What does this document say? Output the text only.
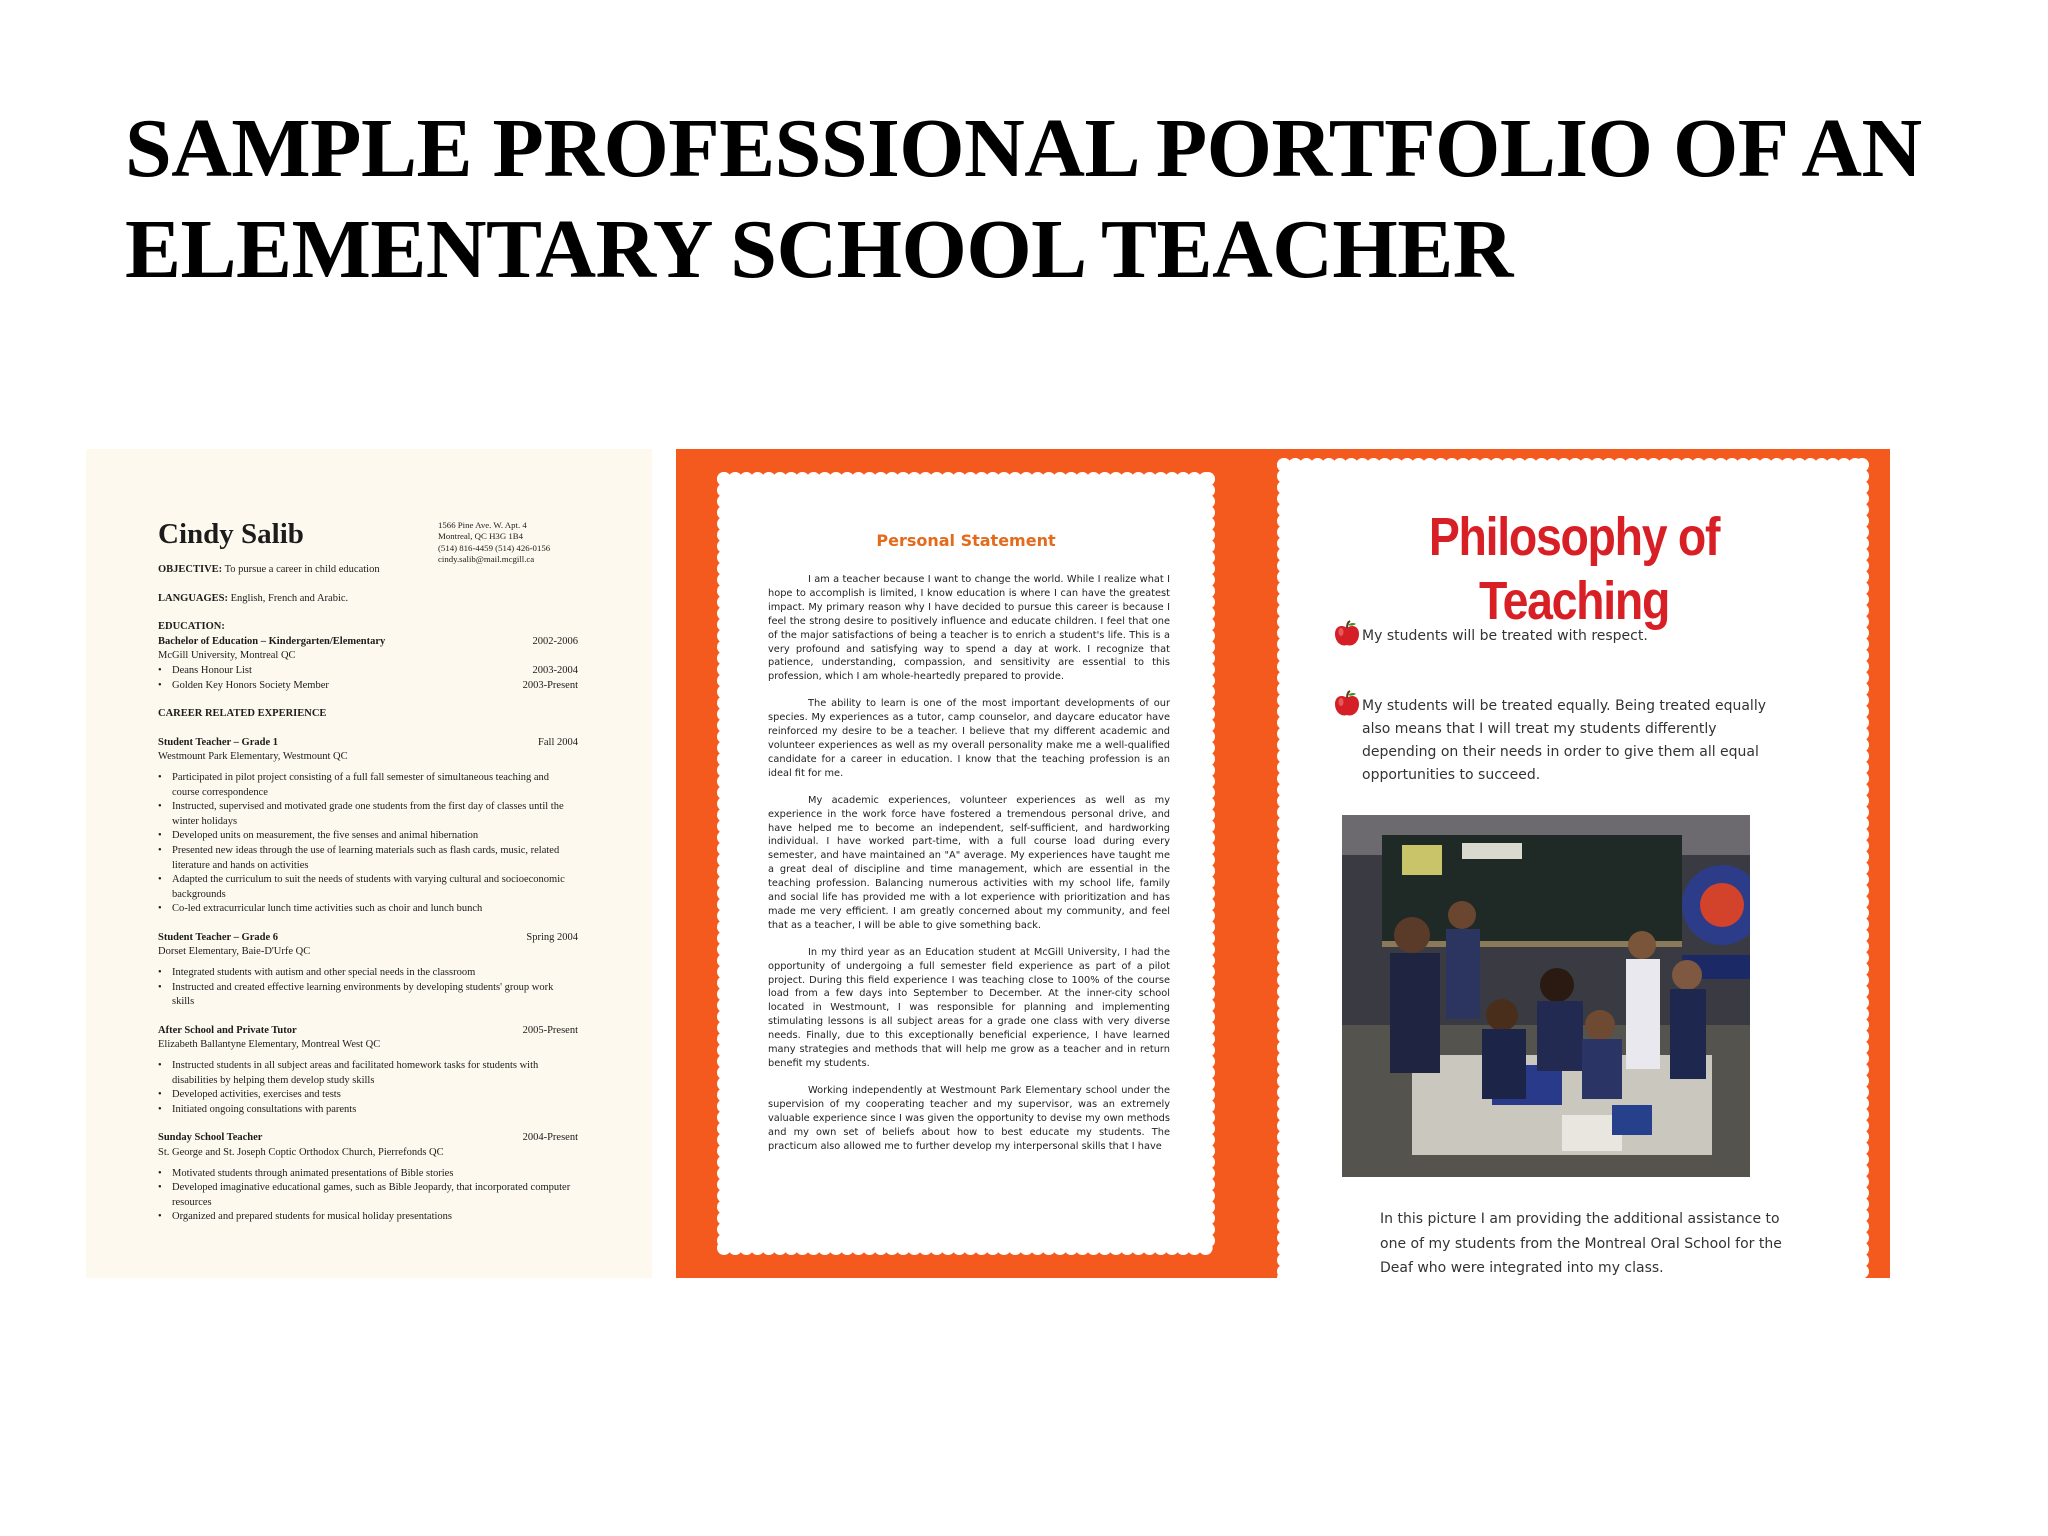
SAMPLE PROFESSIONAL PORTFOLIO OF AN
ELEMENTARY SCHOOL TEACHER
Cindy Salib	1566 Pine Ave. W. Apt. 4
Montreal, QC H3G 1B4
(514) 816-4459 (514) 426-0156
cindy.salib@mail.mcgill.ca
OBJECTIVE: To pursue a career in child education
LANGUAGES: English, French and Arabic.
EDUCATION:
Bachelor of Education – Kindergarten/Elementary	2002-2006
McGill University, Montreal QC
• Deans Honour List	2003-2004
• Golden Key Honors Society Member	2003-Present
CAREER RELATED EXPERIENCE
Student Teacher – Grade 1	Fall 2004
Westmount Park Elementary, Westmount QC
• Participated in pilot project consisting of a full fall semester of simultaneous teaching and course correspondence
• Instructed, supervised and motivated grade one students from the first day of classes until the winter holidays
• Developed units on measurement, the five senses and animal hibernation
• Presented new ideas through the use of learning materials such as flash cards, music, related literature and hands on activities
• Adapted the curriculum to suit the needs of students with varying cultural and socioeconomic backgrounds
• Co-led extracurricular lunch time activities such as choir and lunch bunch
Student Teacher – Grade 6	Spring 2004
Dorset Elementary, Baie-D'Urfe QC
• Integrated students with autism and other special needs in the classroom
• Instructed and created effective learning environments by developing students' group work skills
After School and Private Tutor	2005-Present
Elizabeth Ballantyne Elementary, Montreal West QC
• Instructed students in all subject areas and facilitated homework tasks for students with disabilities by helping them develop study skills
• Developed activities, exercises and tests
• Initiated ongoing consultations with parents
Sunday School Teacher	2004-Present
St. George and St. Joseph Coptic Orthodox Church, Pierrefonds QC
• Motivated students through animated presentations of Bible stories
• Developed imaginative educational games, such as Bible Jeopardy, that incorporated computer resources
• Organized and prepared students for musical holiday presentations
Personal Statement

I am a teacher because I want to change the world. While I realize what I hope to accomplish is limited, I know education is where I can have the greatest impact. My primary reason why I have decided to pursue this career is because I feel the strong desire to positively influence and educate children. I feel that one of the major satisfactions of being a teacher is to enrich a student's life. This is a very profound and satisfying way to spend a day at work. I recognize that patience, understanding, compassion, and sensitivity are essential to this profession, which I am whole-heartedly prepared to provide.

The ability to learn is one of the most important developments of our species. My experiences as a tutor, camp counselor, and daycare educator have reinforced my desire to be a teacher. I believe that my different academic and volunteer experiences as well as my overall personality make me a well-qualified candidate for a career in education. I know that the teaching profession is an ideal fit for me.

My academic experiences, volunteer experiences as well as my experience in the work force have fostered a tremendous personal drive, and have helped me to become an independent, self-sufficient, and hardworking individual. I have worked part-time, with a full course load during every semester, and have maintained an "A" average. My experiences have taught me a great deal of discipline and time management, which are essential in the teaching profession. Balancing numerous activities with my school life, family and social life has provided me with a lot experience with prioritization and has made me very efficient. I am greatly concerned about my community, and feel that as a teacher, I will be able to give something back.

In my third year as an Education student at McGill University, I had the opportunity of undergoing a full semester field experience as part of a pilot project. During this field experience I was teaching close to 100% of the course load from a few days into September to December. At the inner-city school located in Westmount, I was responsible for planning and implementing stimulating lessons is all subject areas for a grade one class with very diverse needs. Finally, due to this exceptionally beneficial experience, I have learned many strategies and methods that will help me grow as a teacher and in return benefit my students.

Working independently at Westmount Park Elementary school under the supervision of my cooperating teacher and my supervisor, was an extremely valuable experience since I was given the opportunity to devise my own methods and my own set of beliefs about how to best educate my students. The practicum also allowed me to further develop my interpersonal skills that I have

Philosophy of Teaching

My students will be treated with respect.

My students will be treated equally. Being treated equally also means that I will treat my students differently depending on their needs in order to give them all equal opportunities to succeed.

In this picture I am providing the additional assistance to one of my students from the Montreal Oral School for the Deaf who were integrated into my class.
